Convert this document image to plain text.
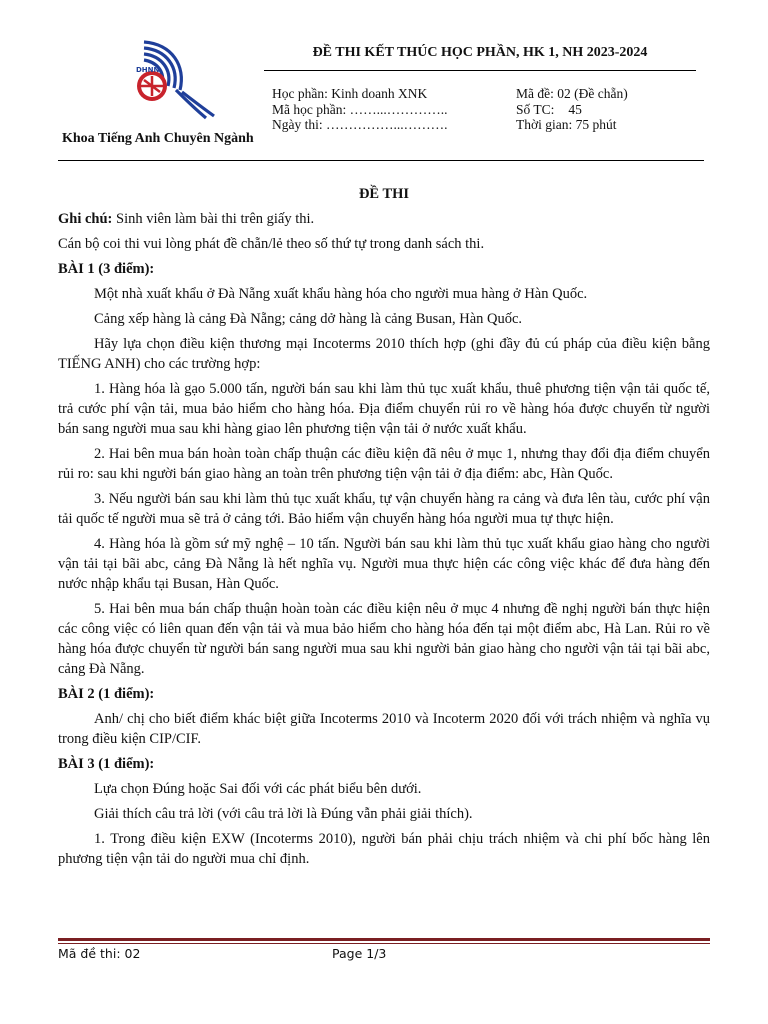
DHNN
Khoa Tiếng Anh Chuyên Ngành
ĐỀ THI KẾT THÚC HỌC PHẦN, HK 1, NH 2023-2024
Học phần: Kinh doanh XNK
Mã học phần: ……...…………..
Ngày thi: ……………...……….
Mã đề: 02 (Đề chẵn)
Số TC: 45
Thời gian: 75 phút

ĐỀ THI

Ghi chú: Sinh viên làm bài thi trên giấy thi.

Cán bộ coi thi vui lòng phát đề chẵn/lẻ theo số thứ tự trong danh sách thi.

BÀI 1 (3 điểm):

Một nhà xuất khẩu ở Đà Nẵng xuất khẩu hàng hóa cho người mua hàng ở Hàn Quốc.

Cảng xếp hàng là cảng Đà Nẵng; cảng dở hàng là cảng Busan, Hàn Quốc.

Hãy lựa chọn điều kiện thương mại Incoterms 2010 thích hợp (ghi đầy đủ cú pháp của điều kiện bằng TIẾNG ANH) cho các trường hợp:

1. Hàng hóa là gạo 5.000 tấn, người bán sau khi làm thủ tục xuất khẩu, thuê phương tiện vận tải quốc tế, trả cước phí vận tải, mua bảo hiểm cho hàng hóa. Địa điểm chuyển rủi ro về hàng hóa được chuyển từ người bán sang người mua sau khi hàng giao lên phương tiện vận tải ở nước xuất khẩu.

2. Hai bên mua bán hoàn toàn chấp thuận các điều kiện đã nêu ở mục 1, nhưng thay đổi địa điểm chuyển rủi ro: sau khi người bán giao hàng an toàn trên phương tiện vận tải ở địa điểm: abc, Hàn Quốc.

3. Nếu người bán sau khi làm thủ tục xuất khẩu, tự vận chuyển hàng ra cảng và đưa lên tàu, cước phí vận tải quốc tế người mua sẽ trả ở cảng tới. Bảo hiểm vận chuyển hàng hóa người mua tự thực hiện.

4. Hàng hóa là gồm sứ mỹ nghệ – 10 tấn. Người bán sau khi làm thủ tục xuất khẩu giao hàng cho người vận tải tại bãi abc, cảng Đà Nẵng là hết nghĩa vụ. Người mua thực hiện các công việc khác để đưa hàng đến nước nhập khẩu tại Busan, Hàn Quốc.

5. Hai bên mua bán chấp thuận hoàn toàn các điều kiện nêu ở mục 4 nhưng đề nghị người bán thực hiện các công việc có liên quan đến vận tải và mua bảo hiểm cho hàng hóa đến tại một điểm abc, Hà Lan. Rủi ro về hàng hóa được chuyển từ người bán sang người mua sau khi người bản giao hàng cho người vận tải tại bãi abc, cảng Đà Nẵng.

BÀI 2 (1 điểm):

Anh/ chị cho biết điểm khác biệt giữa Incoterms 2010 và Incoterm 2020 đối với trách nhiệm và nghĩa vụ trong điều kiện CIP/CIF.

BÀI 3 (1 điểm):

Lựa chọn Đúng hoặc Sai đối với các phát biểu bên dưới.

Giải thích câu trả lời (với câu trả lời là Đúng vẫn phải giải thích).

1. Trong điều kiện EXW (Incoterms 2010), người bán phải chịu trách nhiệm và chi phí bốc hàng lên phương tiện vận tải do người mua chỉ định.

Mã đề thi: 02	Page 1/3
